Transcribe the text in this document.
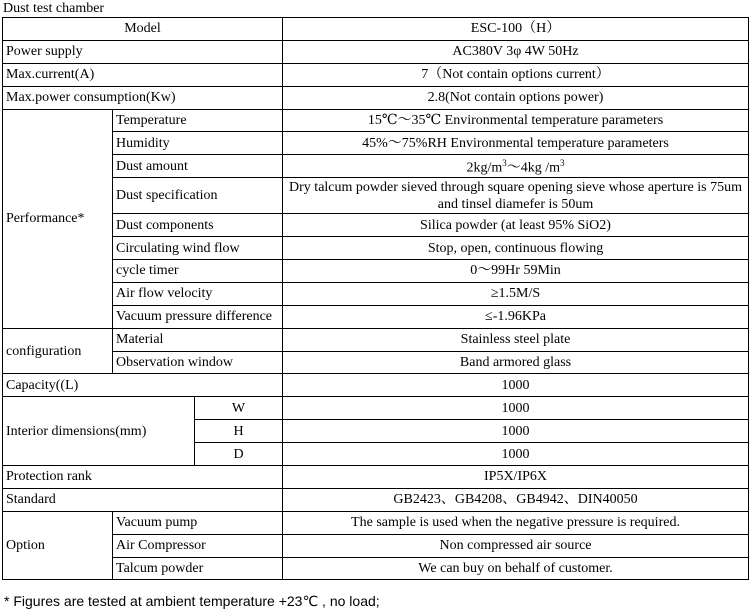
Dust test chamber
Model			ESC-100（H）
Power supply			AC380V 3φ 4W 50Hz
Max.current(A)			7（Not contain options current）
Max.power consumption(Kw)			2.8(Not contain options power)
Performance*	Temperature		15℃～35℃ Environmental temperature parameters
	Humidity		45%～75%RH Environmental temperature parameters
	Dust amount		$2kg/m^3\sim 4kg$ $/m^3$
	Dust specification		Dry talcum powder sieved through square opening sieve whose aperture is 75um and tinsel diamefer is 50um
	Dust components		Silica powder (at least 95% SiO2)
	Circulating wind flow		Stop, open, continuous flowing
	cycle timer		0～99Hr 59Min
	Air flow velocity		≥1.5M/S
	Vacuum pressure difference		≤-1.96KPa
configuration	Material		Stainless steel plate
	Observation window		Band armored glass
Capacity((L)			1000
Interior dimensions(mm)		W	1000
		H	1000
		D	1000
Protection rank			IP5X/IP6X
Standard			GB2423、GB4208、GB4942、DIN40050
Option	Vacuum pump		The sample is used when the negative pressure is required.
	Air Compressor		Non compressed air source
	Talcum powder		We can buy on behalf of customer.
* Figures are tested at ambient temperature +23℃ , no load;
